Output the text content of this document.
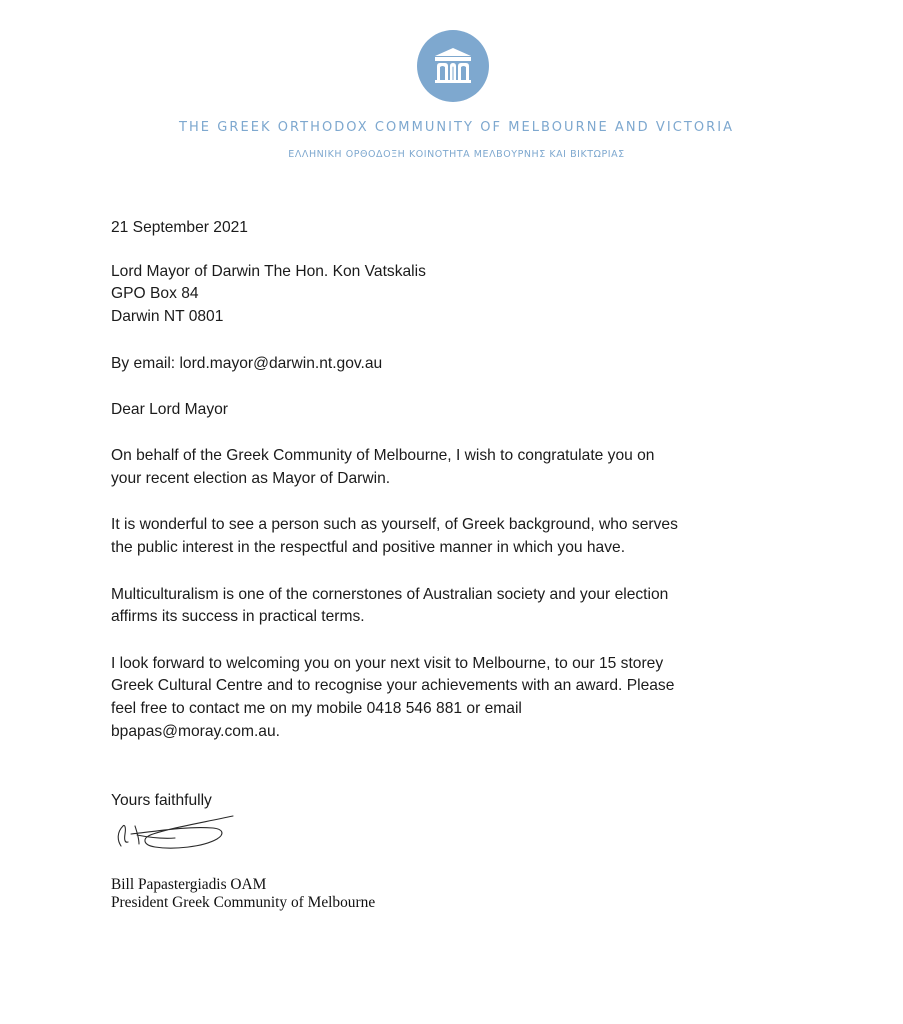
THE GREEK ORTHODOX COMMUNITY OF MELBOURNE AND VICTORIA
ΕΛΛΗΝΙΚΗ ΟΡΘΟΔΟΞΗ ΚΟΙΝΟΤΗΤΑ ΜΕΛΒΟΥΡΝΗΣ ΚΑΙ ΒΙΚΤΩΡΙΑΣ
21 September 2021
Lord Mayor of Darwin The Hon. Kon Vatskalis
GPO Box 84
Darwin NT 0801
By email: lord.mayor@darwin.nt.gov.au
Dear Lord Mayor
On behalf of the Greek Community of Melbourne, I wish to congratulate you on
your recent election as Mayor of Darwin.
It is wonderful to see a person such as yourself, of Greek background, who serves
the public interest in the respectful and positive manner in which you have.
Multiculturalism is one of the cornerstones of Australian society and your election
affirms its success in practical terms.
I look forward to welcoming you on your next visit to Melbourne, to our 15 storey
Greek Cultural Centre and to recognise your achievements with an award. Please
feel free to contact me on my mobile 0418 546 881 or email
bpapas@moray.com.au.
Yours faithfully
Bill Papastergiadis OAM
President Greek Community of Melbourne
